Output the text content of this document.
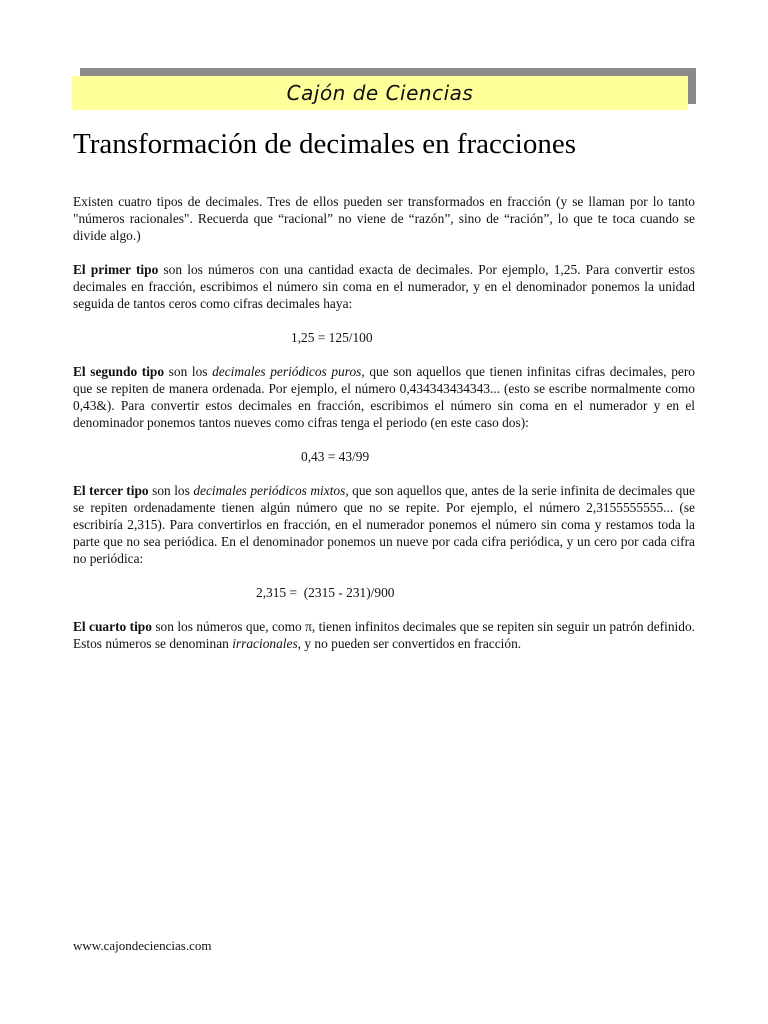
Cajón de Ciencias
Transformación de decimales en fracciones

Existen cuatro tipos de decimales. Tres de ellos pueden ser transformados en fracción (y se llaman por lo tanto "números racionales". Recuerda que “racional” no viene de “razón”, sino de “ración”, lo que te toca cuando se divide algo.)

El primer tipo son los números con una cantidad exacta de decimales. Por ejemplo, 1,25. Para convertir estos decimales en fracción, escribimos el número sin coma en el numerador, y en el denominador ponemos la unidad seguida de tantos ceros como cifras decimales haya:

1,25 = 125/100

El segundo tipo son los decimales periódicos puros, que son aquellos que tienen infinitas cifras decimales, pero que se repiten de manera ordenada. Por ejemplo, el número 0,434343434343... (esto se escribe normalmente como 0,43&). Para convertir estos decimales en fracción, escribimos el número sin coma en el numerador y en el denominador ponemos tantos nueves como cifras tenga el periodo (en este caso dos):

0,43 = 43/99

El tercer tipo son los decimales periódicos mixtos, que son aquellos que, antes de la serie infinita de decimales que se repiten ordenadamente tienen algún número que no se repite. Por ejemplo, el número 2,3155555555... (se escribiría 2,315). Para convertirlos en fracción, en el numerador ponemos el número sin coma y restamos toda la parte que no sea periódica. En el denominador ponemos un nueve por cada cifra periódica, y un cero por cada cifra no periódica:

2,315 =  (2315 - 231)/900

El cuarto tipo son los números que, como π, tienen infinitos decimales que se repiten sin seguir un patrón definido. Estos números se denominan irracionales, y no pueden ser convertidos en fracción.

www.cajondeciencias.com
